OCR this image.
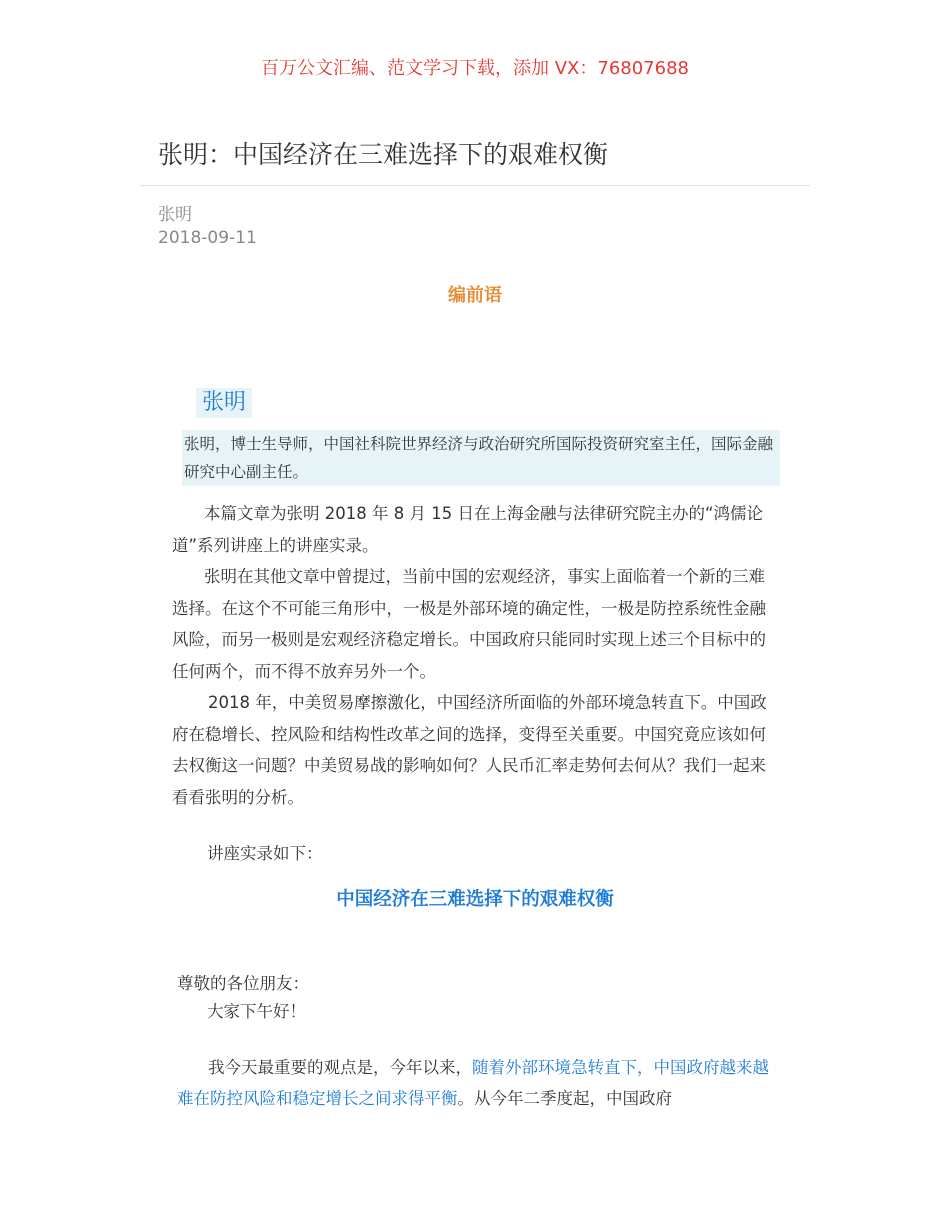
百万公文汇编、范文学习下载，添加 VX：76807688
张明：中国经济在三难选择下的艰难权衡
张明
2018-09-11
编前语
张明
张明，博士生导师，中国社科院世界经济与政治研究所国际投资研究室主任，国际金融研究中心副主任。

本篇文章为张明 2018 年 8 月 15 日在上海金融与法律研究院主办的“鸿儒论道”系列讲座上的讲座实录。

张明在其他文章中曾提过，当前中国的宏观经济，事实上面临着一个新的三难选择。在这个不可能三角形中，一极是外部环境的确定性，一极是防控系统性金融风险，而另一极则是宏观经济稳定增长。中国政府只能同时实现上述三个目标中的任何两个，而不得不放弃另外一个。

2018 年，中美贸易摩擦激化，中国经济所面临的外部环境急转直下。中国政府在稳增长、控风险和结构性改革之间的选择，变得至关重要。中国究竟应该如何去权衡这一问题？中美贸易战的影响如何？人民币汇率走势何去何从？我们一起来看看张明的分析。

讲座实录如下：

中国经济在三难选择下的艰难权衡
尊敬的各位朋友：
大家下午好！

我今天最重要的观点是，今年以来，随着外部环境急转直下，中国政府越来越难在防控风险和稳定增长之间求得平衡。从今年二季度起，中国政府
